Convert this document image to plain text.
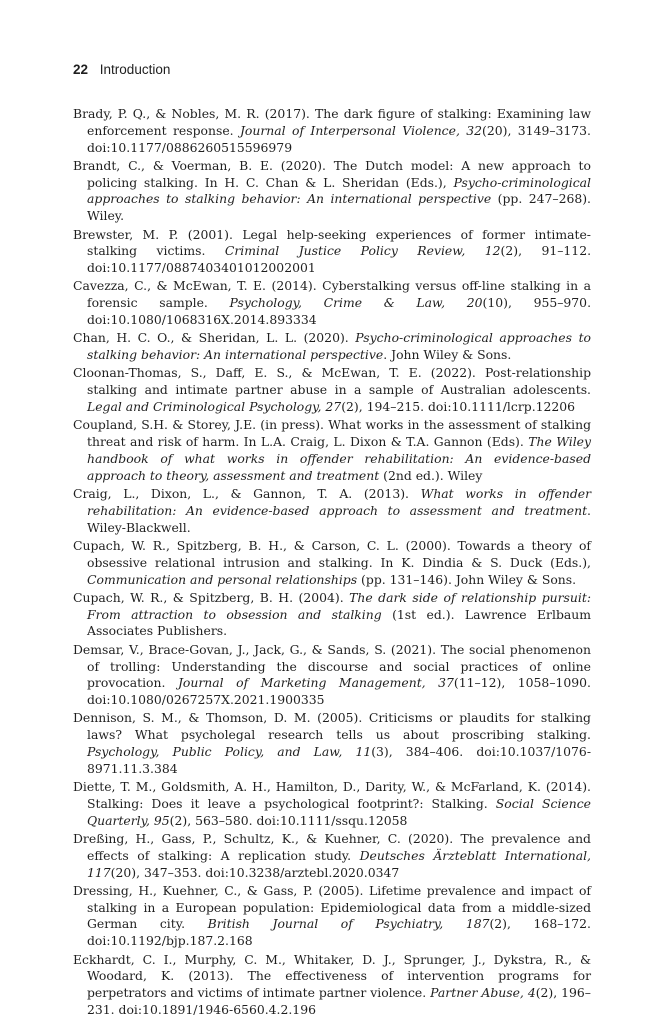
22 Introduction

Brady, P. Q., & Nobles, M. R. (2017). The dark figure of stalking: Examining law enforcement response. Journal of Interpersonal Violence, 32(20), 3149–3173. doi:10.1177/0886260515596979

Brandt, C., & Voerman, B. E. (2020). The Dutch model: A new approach to policing stalking. In H. C. Chan & L. Sheridan (Eds.), Psycho-criminological approaches to stalking behavior: An international perspective (pp. 247–268). Wiley.

Brewster, M. P. (2001). Legal help-seeking experiences of former intimate-stalking victims. Criminal Justice Policy Review, 12(2), 91–112. doi:10.1177/0887403401012002001

Cavezza, C., & McEwan, T. E. (2014). Cyberstalking versus off-line stalking in a forensic sample. Psychology, Crime & Law, 20(10), 955–970. doi:10.1080/1068316X.2014.893334

Chan, H. C. O., & Sheridan, L. L. (2020). Psycho-criminological approaches to stalking behavior: An international perspective. John Wiley & Sons.

Cloonan-Thomas, S., Daff, E. S., & McEwan, T. E. (2022). Post-relationship stalking and intimate partner abuse in a sample of Australian adolescents. Legal and Criminological Psychology, 27(2), 194–215. doi:10.1111/lcrp.12206

Coupland, S.H. & Storey, J.E. (in press). What works in the assessment of stalking threat and risk of harm. In L.A. Craig, L. Dixon & T.A. Gannon (Eds). The Wiley handbook of what works in offender rehabilitation: An evidence-based approach to theory, assessment and treatment (2nd ed.). Wiley

Craig, L., Dixon, L., & Gannon, T. A. (2013). What works in offender rehabilitation: An evidence-based approach to assessment and treatment. Wiley-Blackwell.

Cupach, W. R., Spitzberg, B. H., & Carson, C. L. (2000). Towards a theory of obsessive relational intrusion and stalking. In K. Dindia & S. Duck (Eds.), Communication and personal relationships (pp. 131–146). John Wiley & Sons.

Cupach, W. R., & Spitzberg, B. H. (2004). The dark side of relationship pursuit: From attraction to obsession and stalking (1st ed.). Lawrence Erlbaum Associates Publishers.

Demsar, V., Brace-Govan, J., Jack, G., & Sands, S. (2021). The social phenomenon of trolling: Understanding the discourse and social practices of online provocation. Journal of Marketing Management, 37(11–12), 1058–1090. doi:10.1080/0267257X.2021.1900335

Dennison, S. M., & Thomson, D. M. (2005). Criticisms or plaudits for stalking laws? What psycholegal research tells us about proscribing stalking. Psychology, Public Policy, and Law, 11(3), 384–406. doi:10.1037/1076-8971.11.3.384

Diette, T. M., Goldsmith, A. H., Hamilton, D., Darity, W., & McFarland, K. (2014). Stalking: Does it leave a psychological footprint?: Stalking. Social Science Quarterly, 95(2), 563–580. doi:10.1111/ssqu.12058

Dreßing, H., Gass, P., Schultz, K., & Kuehner, C. (2020). The prevalence and effects of stalking: A replication study. Deutsches Ärzteblatt International, 117(20), 347–353. doi:10.3238/arztebl.2020.0347

Dressing, H., Kuehner, C., & Gass, P. (2005). Lifetime prevalence and impact of stalking in a European population: Epidemiological data from a middle-sized German city. British Journal of Psychiatry, 187(2), 168–172. doi:10.1192/bjp.187.2.168

Eckhardt, C. I., Murphy, C. M., Whitaker, D. J., Sprunger, J., Dykstra, R., & Woodard, K. (2013). The effectiveness of intervention programs for perpetrators and victims of intimate partner violence. Partner Abuse, 4(2), 196–231. doi:10.1891/1946-6560.4.2.196
